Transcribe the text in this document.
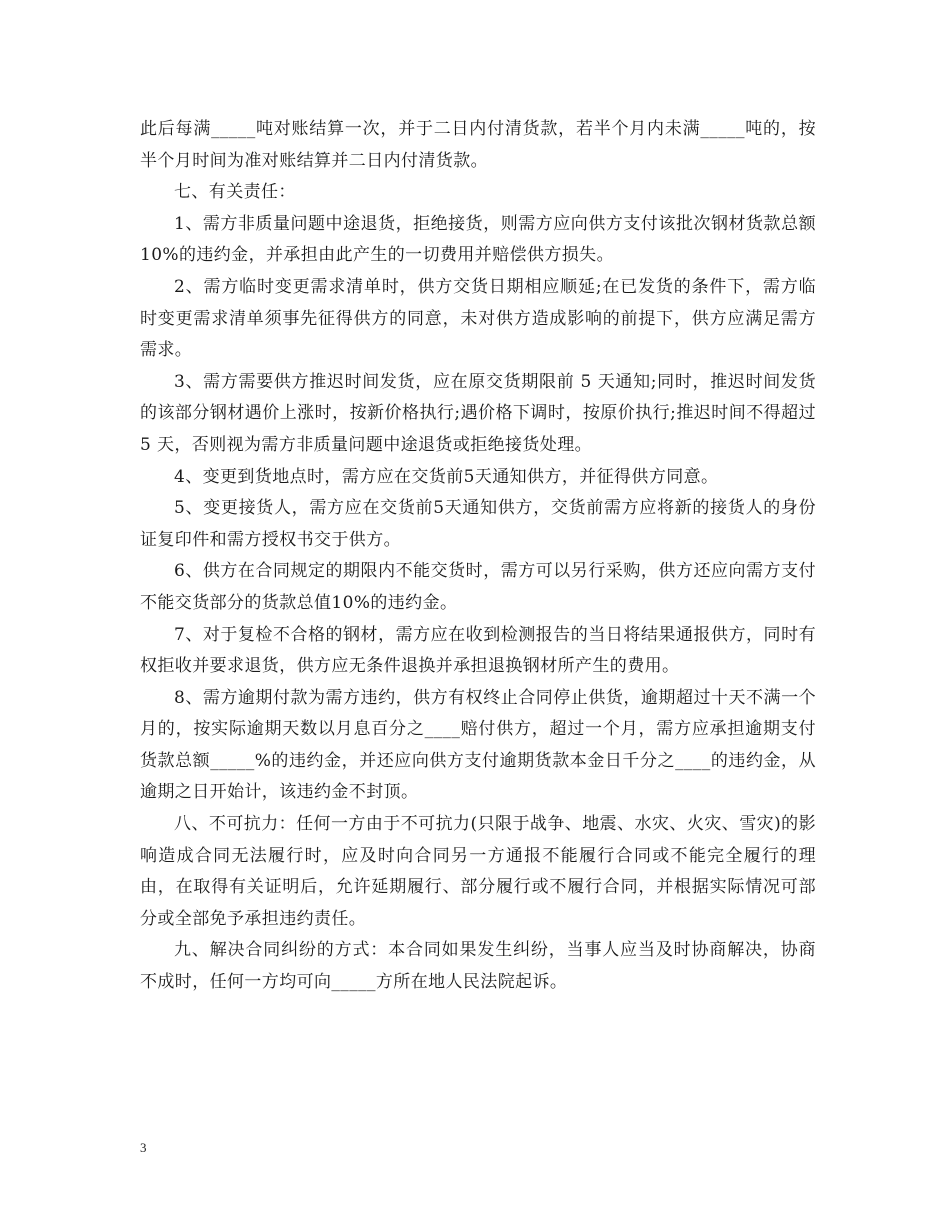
此后每满_____吨对账结算一次，并于二日内付清货款，若半个月内未满_____吨的，按半个月时间为准对账结算并二日内付清货款。

七、有关责任：

1、需方非质量问题中途退货，拒绝接货，则需方应向供方支付该批次钢材货款总额10%的违约金，并承担由此产生的一切费用并赔偿供方损失。

2、需方临时变更需求清单时，供方交货日期相应顺延;在已发货的条件下，需方临时变更需求清单须事先征得供方的同意，未对供方造成影响的前提下，供方应满足需方需求。

3、需方需要供方推迟时间发货，应在原交货期限前 5 天通知;同时，推迟时间发货的该部分钢材遇价上涨时，按新价格执行;遇价格下调时，按原价执行;推迟时间不得超过 5 天，否则视为需方非质量问题中途退货或拒绝接货处理。

4、变更到货地点时，需方应在交货前5天通知供方，并征得供方同意。

5、变更接货人，需方应在交货前5天通知供方，交货前需方应将新的接货人的身份证复印件和需方授权书交于供方。

6、供方在合同规定的期限内不能交货时，需方可以另行采购，供方还应向需方支付不能交货部分的货款总值10%的违约金。

7、对于复检不合格的钢材，需方应在收到检测报告的当日将结果通报供方，同时有权拒收并要求退货，供方应无条件退换并承担退换钢材所产生的费用。

8、需方逾期付款为需方违约，供方有权终止合同停止供货，逾期超过十天不满一个月的，按实际逾期天数以月息百分之____赔付供方，超过一个月，需方应承担逾期支付货款总额_____%的违约金，并还应向供方支付逾期货款本金日千分之____的违约金，从逾期之日开始计，该违约金不封顶。

八、不可抗力：任何一方由于不可抗力(只限于战争、地震、水灾、火灾、雪灾)的影响造成合同无法履行时，应及时向合同另一方通报不能履行合同或不能完全履行的理由，在取得有关证明后，允许延期履行、部分履行或不履行合同，并根据实际情况可部分或全部免予承担违约责任。

九、解决合同纠纷的方式：本合同如果发生纠纷，当事人应当及时协商解决，协商不成时，任何一方均可向_____方所在地人民法院起诉。

3
